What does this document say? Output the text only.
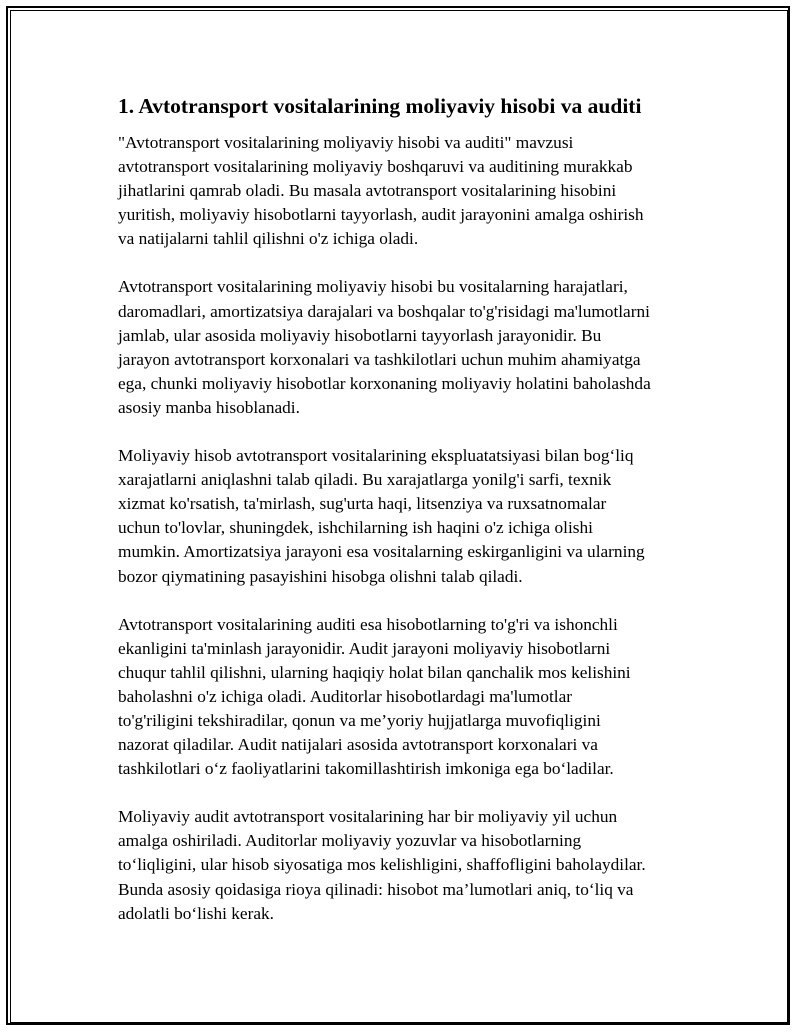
1. Avtotransport vositalarining moliyaviy hisobi va auditi
"Avtotransport vositalarining moliyaviy hisobi va auditi" mavzusi
avtotransport vositalarining moliyaviy boshqaruvi va auditining murakkab
jihatlarini qamrab oladi. Bu masala avtotransport vositalarining hisobini
yuritish, moliyaviy hisobotlarni tayyorlash, audit jarayonini amalga oshirish
va natijalarni tahlil qilishni o'z ichiga oladi.
Avtotransport vositalarining moliyaviy hisobi bu vositalarning harajatlari,
daromadlari, amortizatsiya darajalari va boshqalar to'g'risidagi ma'lumotlarni
jamlab, ular asosida moliyaviy hisobotlarni tayyorlash jarayonidir. Bu
jarayon avtotransport korxonalari va tashkilotlari uchun muhim ahamiyatga
ega, chunki moliyaviy hisobotlar korxonaning moliyaviy holatini baholashda
asosiy manba hisoblanadi.
Moliyaviy hisob avtotransport vositalarining ekspluatatsiyasi bilan bog‘liq
xarajatlarni aniqlashni talab qiladi. Bu xarajatlarga yonilg'i sarfi, texnik
xizmat ko'rsatish, ta'mirlash, sug'urta haqi, litsenziya va ruxsatnomalar
uchun to'lovlar, shuningdek, ishchilarning ish haqini o'z ichiga olishi
mumkin. Amortizatsiya jarayoni esa vositalarning eskirganligini va ularning
bozor qiymatining pasayishini hisobga olishni talab qiladi.
Avtotransport vositalarining auditi esa hisobotlarning to'g'ri va ishonchli
ekanligini ta'minlash jarayonidir. Audit jarayoni moliyaviy hisobotlarni
chuqur tahlil qilishni, ularning haqiqiy holat bilan qanchalik mos kelishini
baholashni o'z ichiga oladi. Auditorlar hisobotlardagi ma'lumotlar
to'g'riligini tekshiradilar, qonun va me’yoriy hujjatlarga muvofiqligini
nazorat qiladilar. Audit natijalari asosida avtotransport korxonalari va
tashkilotlari o‘z faoliyatlarini takomillashtirish imkoniga ega bo‘ladilar.
Moliyaviy audit avtotransport vositalarining har bir moliyaviy yil uchun
amalga oshiriladi. Auditorlar moliyaviy yozuvlar va hisobotlarning
to‘liqligini, ular hisob siyosatiga mos kelishligini, shaffofligini baholaydilar.
Bunda asosiy qoidasiga rioya qilinadi: hisobot ma’lumotlari aniq, to‘liq va
adolatli bo‘lishi kerak.
